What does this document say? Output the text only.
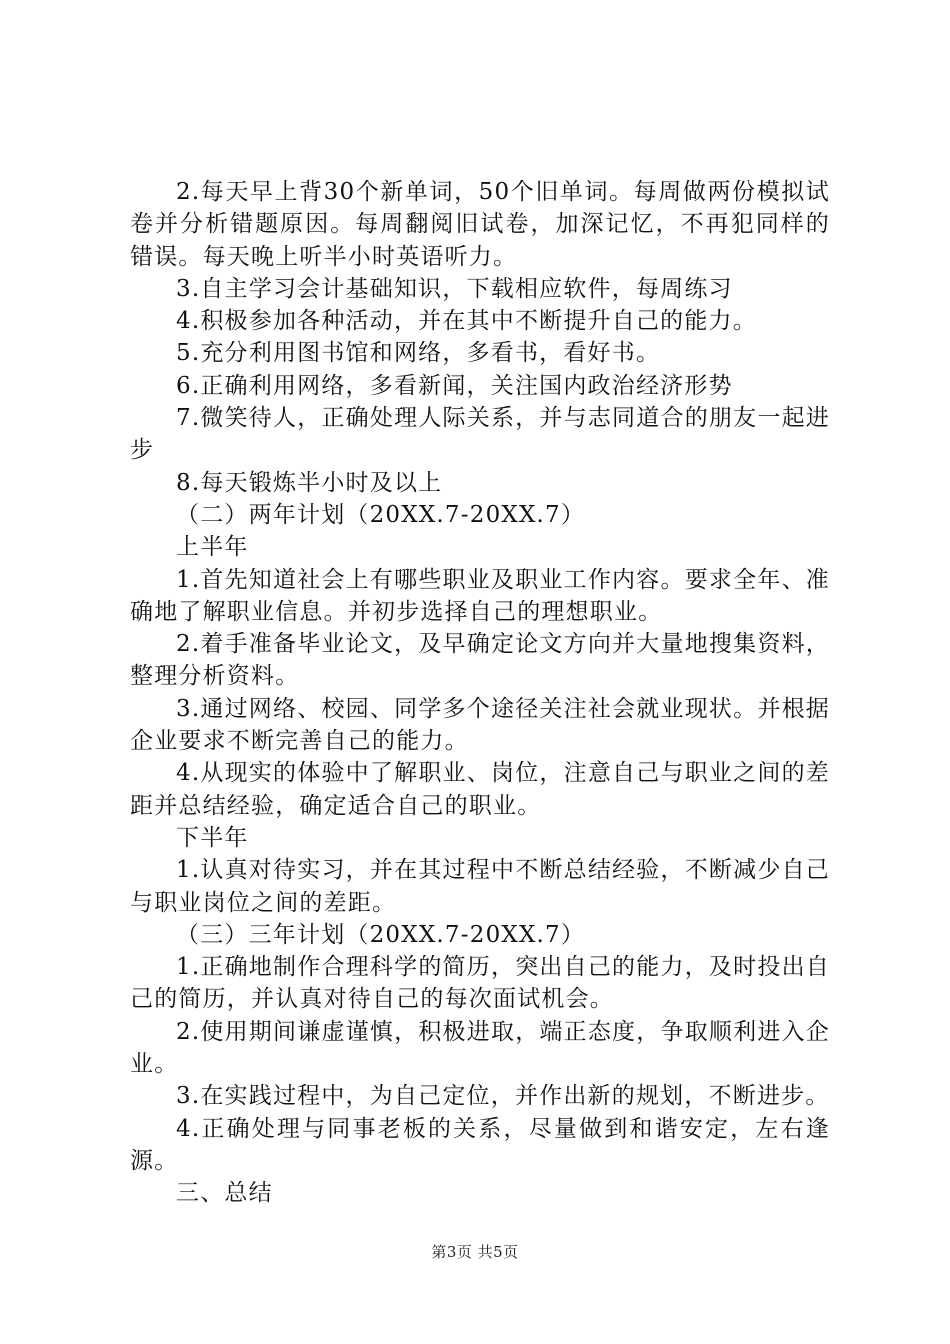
2.每天早上背30个新单词，50个旧单词。每周做两份模拟试卷并分析错题原因。每周翻阅旧试卷，加深记忆，不再犯同样的错误。每天晚上听半小时英语听力。

3.自主学习会计基础知识，下载相应软件，每周练习

4.积极参加各种活动，并在其中不断提升自己的能力。

5.充分利用图书馆和网络，多看书，看好书。

6.正确利用网络，多看新闻，关注国内政治经济形势

7.微笑待人，正确处理人际关系，并与志同道合的朋友一起进步

8.每天锻炼半小时及以上

（二）两年计划（20XX.7-20XX.7）

上半年

1.首先知道社会上有哪些职业及职业工作内容。要求全年、准确地了解职业信息。并初步选择自己的理想职业。

2.着手准备毕业论文，及早确定论文方向并大量地搜集资料，整理分析资料。

3.通过网络、校园、同学多个途径关注社会就业现状。并根据企业要求不断完善自己的能力。

4.从现实的体验中了解职业、岗位，注意自己与职业之间的差距并总结经验，确定适合自己的职业。

下半年

1.认真对待实习，并在其过程中不断总结经验，不断减少自己与职业岗位之间的差距。

（三）三年计划（20XX.7-20XX.7）

1.正确地制作合理科学的简历，突出自己的能力，及时投出自己的简历，并认真对待自己的每次面试机会。

2.使用期间谦虚谨慎，积极进取，端正态度，争取顺利进入企业。

3.在实践过程中，为自己定位，并作出新的规划，不断进步。

4.正确处理与同事老板的关系，尽量做到和谐安定，左右逢源。

三、总结

第3页 共5页
